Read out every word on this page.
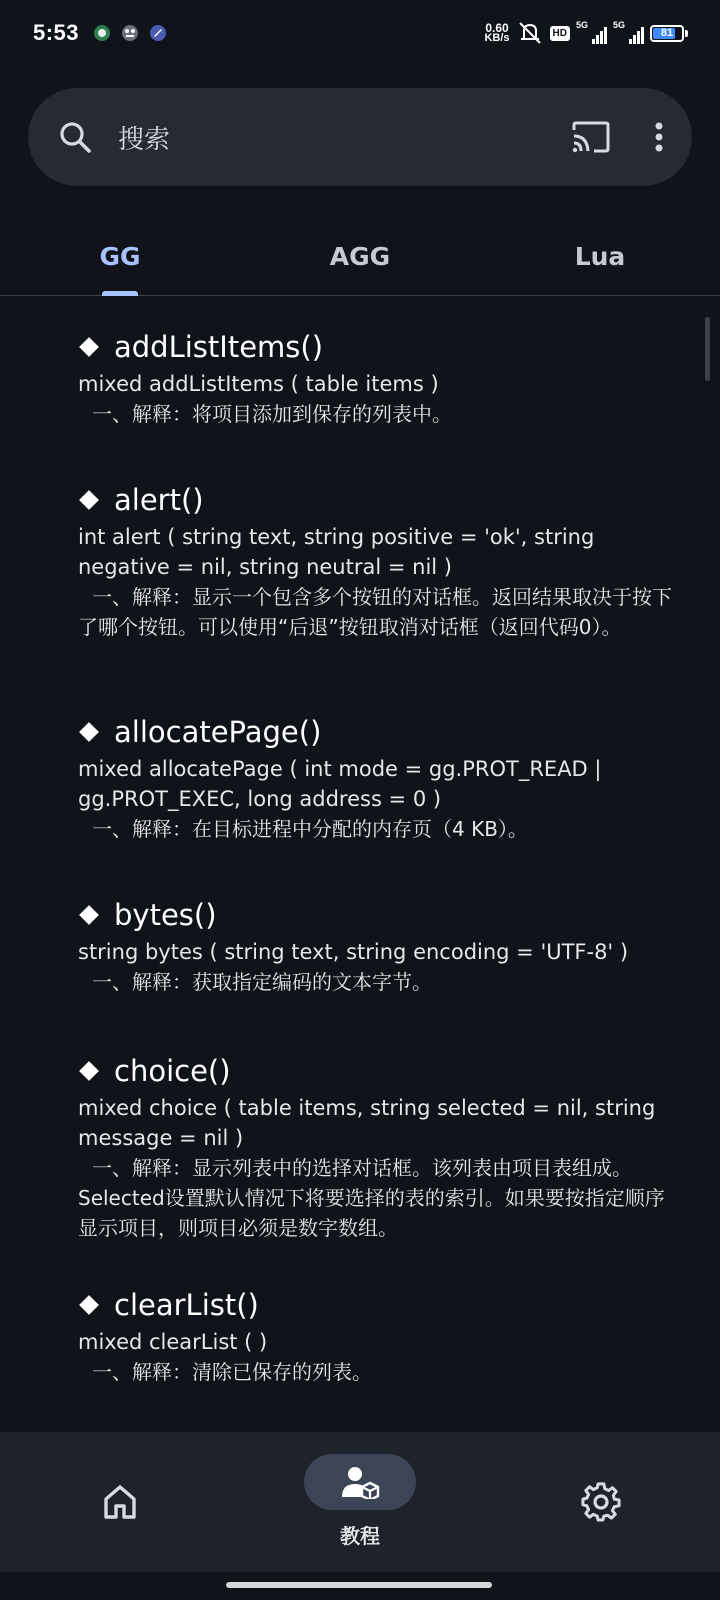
5:53	0.60
KB/s	HD
5G	5G
81
搜索
GG	AGG	Lua
addListItems()
mixed addListItems ( table items )
一、解释：将项目添加到保存的列表中。
alert()
int alert ( string text, string positive = 'ok', string negative = nil, string neutral = nil )
一、解释：显示一个包含多个按钮的对话框。返回结果取决于按下了哪个按钮。可以使用“后退”按钮取消对话框（返回代码0）。
allocatePage()
mixed allocatePage ( int mode = gg.PROT_READ | gg.PROT_EXEC, long address = 0 )
一、解释：在目标进程中分配的内存页（4 KB）。
bytes()
string bytes ( string text, string encoding = 'UTF-8' )
一、解释：获取指定编码的文本字节。
choice()
mixed choice ( table items, string selected = nil, string message = nil )
一、解释：显示列表中的选择对话框。该列表由项目表组成。Selected设置默认情况下将要选择的表的索引。如果要按指定顺序显示项目，则项目必须是数字数组。
clearList()
mixed clearList ( )
一、解释：清除已保存的列表。
教程
